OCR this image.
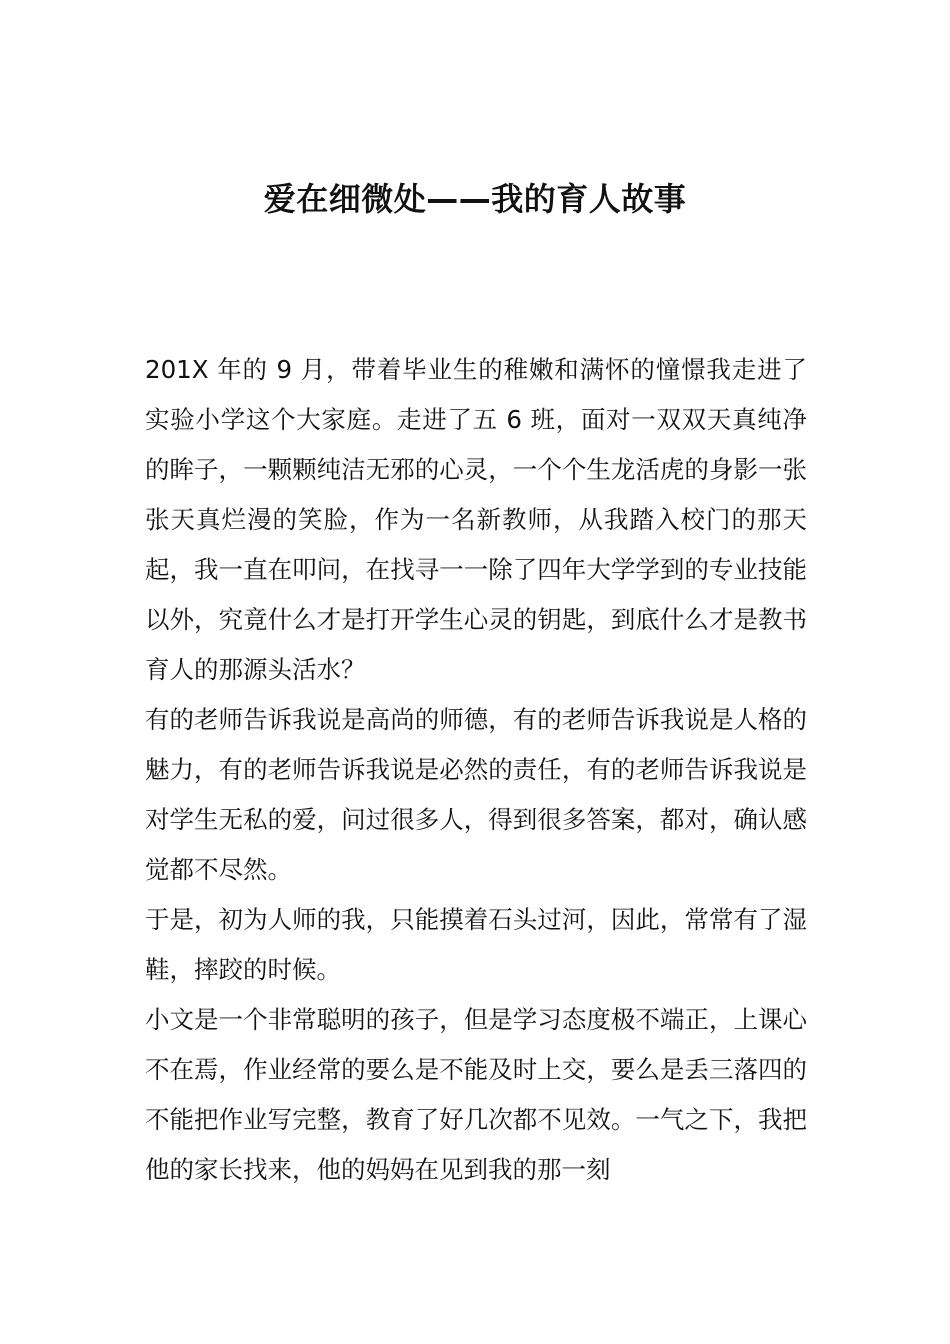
爱在细微处——我的育人故事

201X 年的 9 月，带着毕业生的稚嫩和满怀的憧憬我走进了实验小学这个大家庭。走进了五 6 班，面对一双双天真纯净的眸子，一颗颗纯洁无邪的心灵，一个个生龙活虎的身影一张张天真烂漫的笑脸，作为一名新教师，从我踏入校门的那天起，我一直在叩问，在找寻一一除了四年大学学到的专业技能以外，究竟什么才是打开学生心灵的钥匙，到底什么才是教书育人的那源头活水？

有的老师告诉我说是高尚的师德，有的老师告诉我说是人格的魅力，有的老师告诉我说是必然的责任，有的老师告诉我说是对学生无私的爱，问过很多人，得到很多答案，都对，确认感觉都不尽然。

于是，初为人师的我，只能摸着石头过河，因此，常常有了湿鞋，摔跤的时候。

小文是一个非常聪明的孩子，但是学习态度极不端正，上课心不在焉，作业经常的要么是不能及时上交，要么是丢三落四的不能把作业写完整，教育了好几次都不见效。一气之下，我把他的家长找来，他的妈妈在见到我的那一刻
